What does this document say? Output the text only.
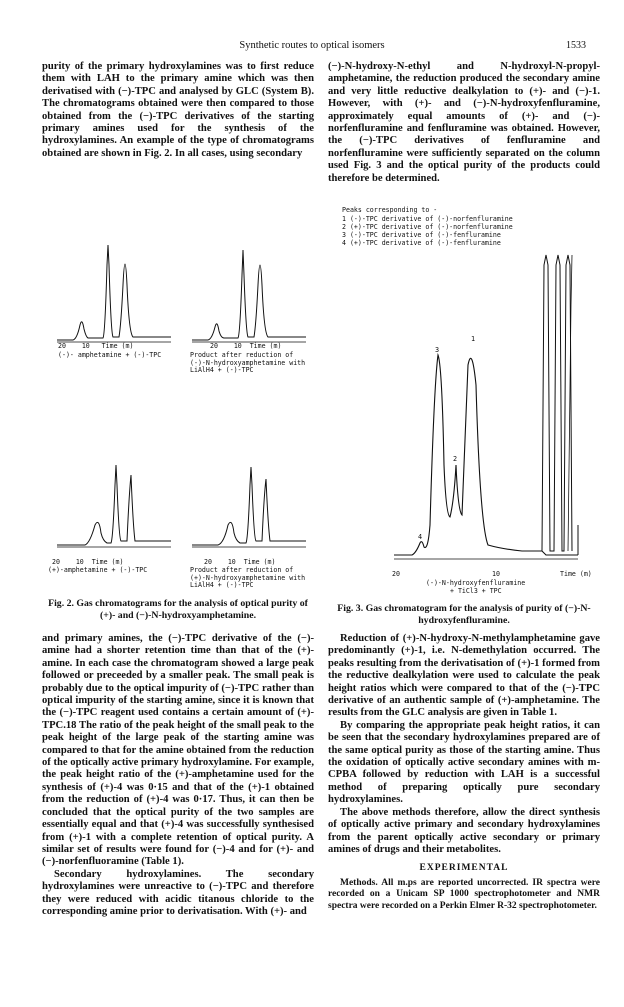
Synthetic routes to optical isomers	1533
purity of the primary hydroxylamines was to first reduce them with LAH to the primary amine which was then derivatised with (−)-TPC and analysed by GLC (System B). The chromatograms obtained were then compared to those obtained from the (−)-TPC derivatives of the starting primary amines used for the synthesis of the hydroxylamines. An example of the type of chromatograms obtained are shown in Fig. 2. In all cases, using secondary
(−)-N-hydroxy-N-ethyl and N-hydroxyl-N-propyl-amphetamine, the reduction produced the secondary amine and very little reductive dealkylation to (+)- and (−)-1. However, with (+)- and (−)-N-hydroxyfenfluramine, approximately equal amounts of (+)- and (−)-norfenfluramine and fenfluramine was obtained. However, the (−)-TPC derivatives of fenfluramine and norfenfluramine were sufficiently separated on the column used Fig. 3 and the optical purity of the products could therefore be determined.
20    10   Time (m)
(-)- amphetamine + (-)-TPC
20    10  Time (m)
Product after reduction of (-)-N-hydroxyamphetamine with LiAlH4 + (-)-TPC
20    10  Time (m)
(+)-amphetamine + (-)-TPC
20    10  Time (m)
Product after reduction of (+)-N-hydroxyamphetamine with LiAlH4 + (-)-TPC
Fig. 2. Gas chromatograms for the analysis of optical purity of (+)- and (−)-N-hydroxyamphetamine.
Peaks corresponding to -
1 (-)-TPC derivative of (-)-norfenfluramine
2 (+)-TPC derivative of (-)-norfenfluramine
3 (-)-TPC derivative of (-)-fenfluramine
4 (+)-TPC derivative of (-)-fenfluramine
3
1
2
4
20	10	Time (m)
(-)-N-hydroxyfenfluramine
+ TiCl3 + TPC
Fig. 3. Gas chromatogram for the analysis of purity of (−)-N-hydroxyfenfluramine.

and primary amines, the (−)-TPC derivative of the (−)-amine had a shorter retention time than that of the (+)-amine. In each case the chromatogram showed a large peak followed or preceeded by a smaller peak. The small peak is probably due to the optical impurity of (−)-TPC rather than optical impurity of the starting amine, since it is known that the (−)-TPC reagent used contains a certain amount of (+)-TPC.18 The ratio of the peak height of the small peak to the peak height of the large peak of the starting amine was compared to that for the amine obtained from the reduction of the optically active primary hydroxylamine. For example, the peak height ratio of the (+)-amphetamine used for the synthesis of (+)-4 was 0·15 and that of the (+)-1 obtained from the reduction of (+)-4 was 0·17. Thus, it can then be concluded that the optical purity of the two samples are essentially equal and that (+)-4 was successfully synthesised from (+)-1 with a complete retention of optical purity. A similar set of results were found for (−)-4 and for (+)- and (−)-norfenfluoramine (Table 1).

Secondary hydroxylamines. The secondary hydroxylamines were unreactive to (−)-TPC and therefore they were reduced with acidic titanous chloride to the corresponding amine prior to derivatisation. With (+)- and

Reduction of (+)-N-hydroxy-N-methylamphetamine gave predominantly (+)-1, i.e. N-demethylation occurred. The peaks resulting from the derivatisation of (+)-1 formed from the reductive dealkylation were used to calculate the peak height ratios which were compared to that of the (−)-TPC derivative of an authentic sample of (+)-amphetamine. The results from the GLC analysis are given in Table 1.

By comparing the appropriate peak height ratios, it can be seen that the secondary hydroxylamines prepared are of the same optical purity as those of the starting amine. Thus the oxidation of optically active secondary amines with m-CPBA followed by reduction with LAH is a successful method of preparing optically pure secondary hydroxylamines.

The above methods therefore, allow the direct synthesis of optically active primary and secondary hydroxylamines from the parent optically active secondary or primary amines of drugs and their metabolites.

EXPERIMENTAL
Methods. All m.ps are reported uncorrected. IR spectra were recorded on a Unicam SP 1000 spectrophotometer and NMR spectra were recorded on a Perkin Elmer R-32 spectrophotometer.
